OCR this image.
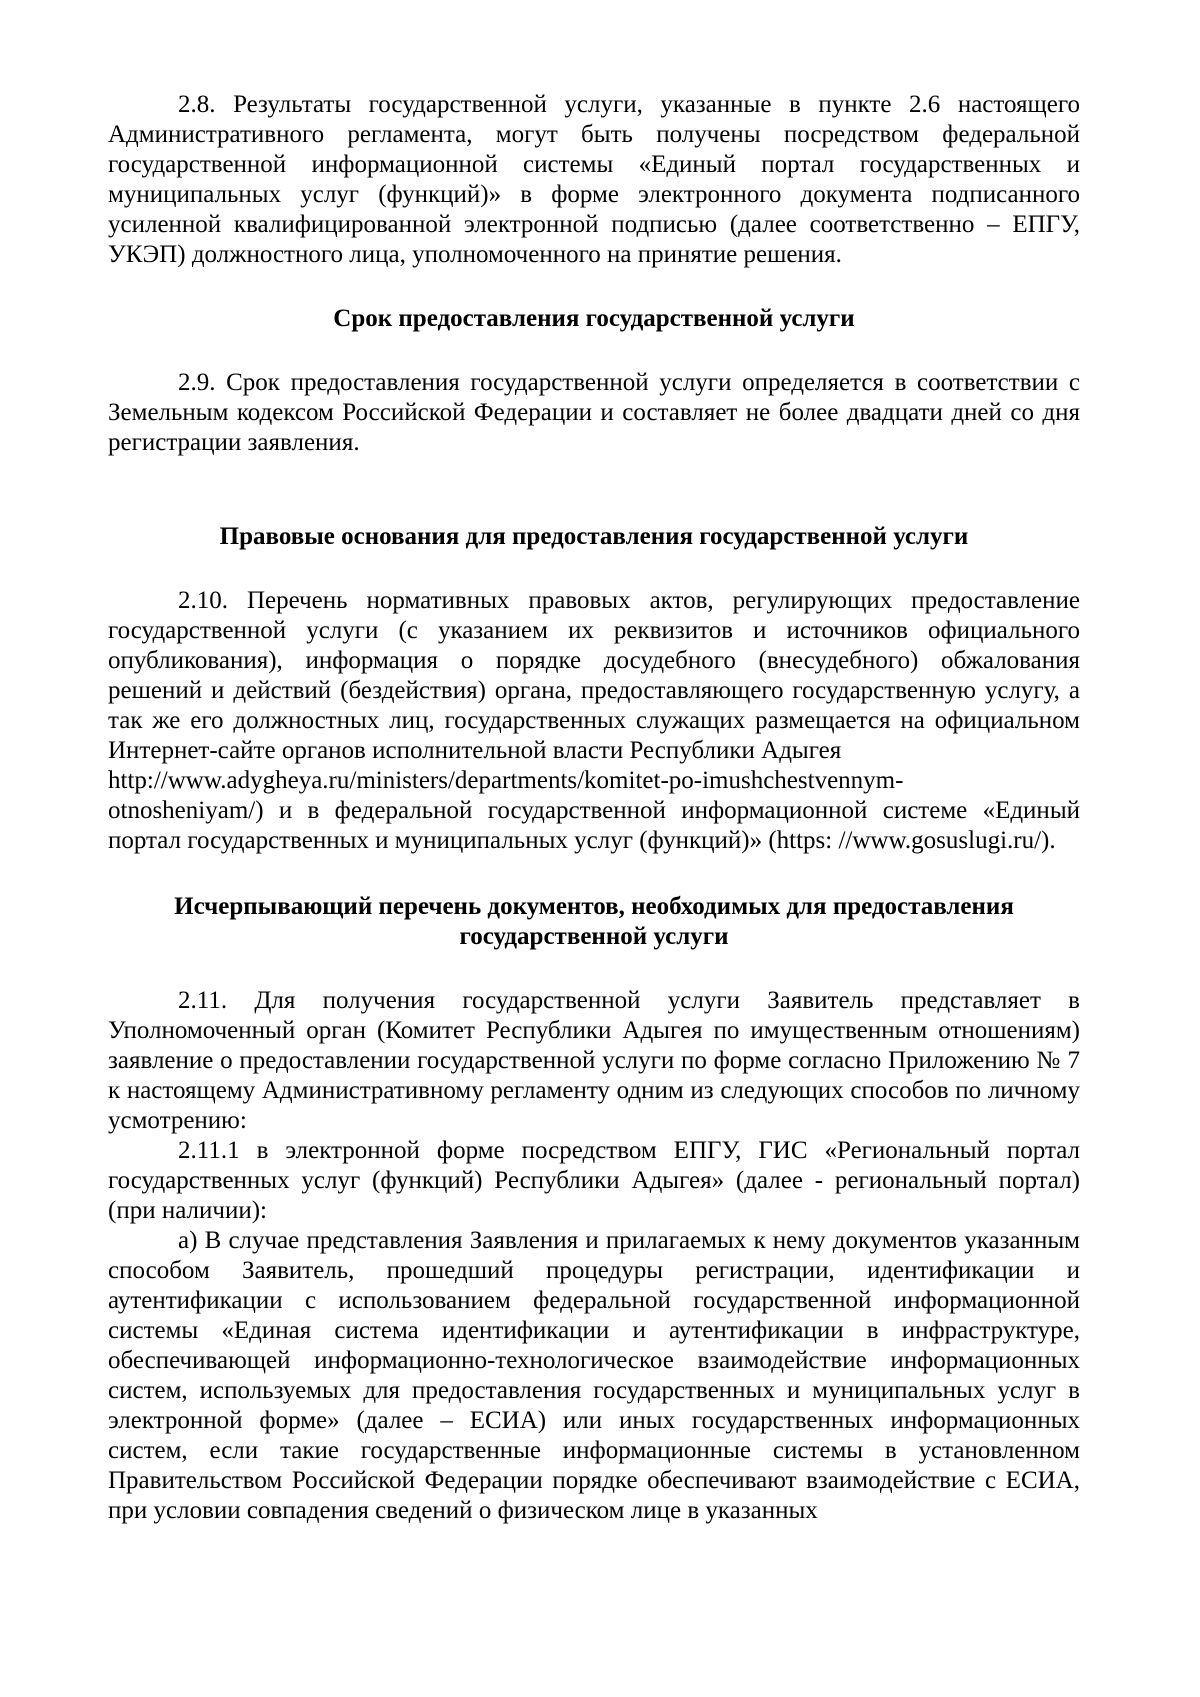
2.8. Результаты государственной услуги, указанные в пункте 2.6 настоящего Административного регламента, могут быть получены посредством федеральной государственной информационной системы «Единый портал государственных и муниципальных услуг (функций)» в форме электронного документа подписанного усиленной квалифицированной электронной подписью (далее соответственно – ЕПГУ, УКЭП) должностного лица, уполномоченного на принятие решения.

Срок предоставления государственной услуги

2.9. Срок предоставления государственной услуги определяется в соответствии с Земельным кодексом Российской Федерации и составляет не более двадцати дней со дня регистрации заявления.

Правовые основания для предоставления государственной услуги

2.10. Перечень нормативных правовых актов, регулирующих предоставление государственной услуги (с указанием их реквизитов и источников официального опубликования), информация о порядке досудебного (внесудебного) обжалования решений и действий (бездействия) органа, предоставляющего государственную услугу, а так же его должностных лиц, государственных служащих размещается на официальном Интернет-сайте органов исполнительной власти Республики Адыгея

http://www.adygheya.ru/ministers/departments/komitet-po-imushchestvennym-

otnosheniyam/) и в федеральной государственной информационной системе «Единый портал государственных и муниципальных услуг (функций)» (https: //www.gosuslugi.ru/).

Исчерпывающий перечень документов, необходимых для предоставления

государственной услуги

2.11. Для получения государственной услуги Заявитель представляет в Уполномоченный орган (Комитет Республики Адыгея по имущественным отношениям) заявление о предоставлении государственной услуги по форме согласно Приложению № 7 к настоящему Административному регламенту одним из следующих способов по личному усмотрению:

2.11.1 в электронной форме посредством ЕПГУ, ГИС «Региональный портал государственных услуг (функций) Республики Адыгея» (далее - региональный портал) (при наличии):

а) В случае представления Заявления и прилагаемых к нему документов указанным способом Заявитель, прошедший процедуры регистрации, идентификации и аутентификации с использованием федеральной государственной информационной системы «Единая система идентификации и аутентификации в инфраструктуре, обеспечивающей информационно-технологическое взаимодействие информационных систем, используемых для предоставления государственных и муниципальных услуг в электронной форме» (далее – ЕСИА) или иных государственных информационных систем, если такие государственные информационные системы в установленном Правительством Российской Федерации порядке обеспечивают взаимодействие с ЕСИА, при условии совпадения сведений о физическом лице в указанных
